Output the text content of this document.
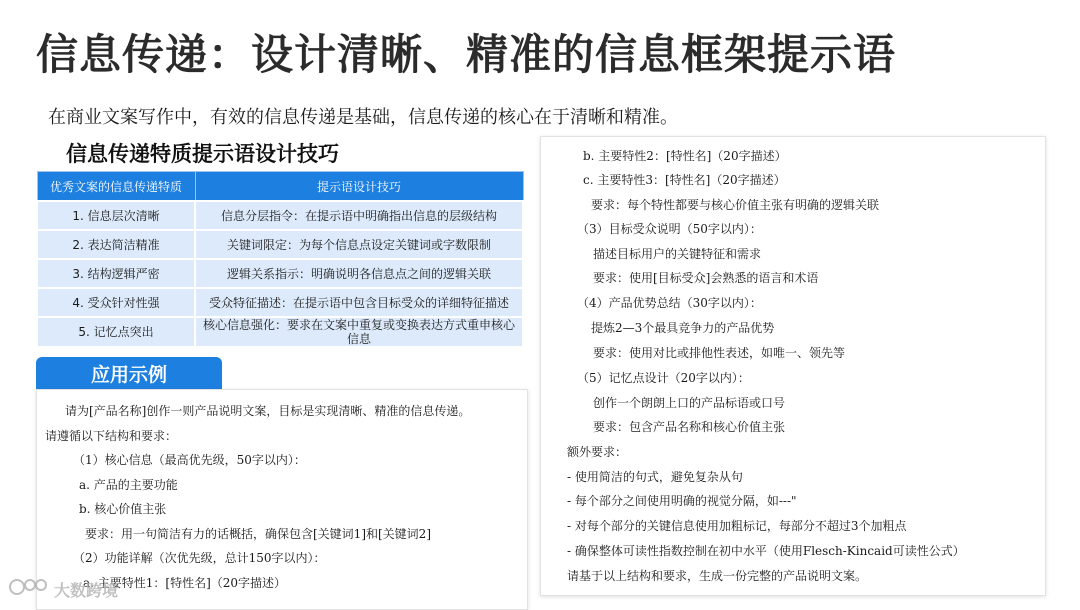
信息传递：设计清晰、精准的信息框架提示语
在商业文案写作中，有效的信息传递是基础，信息传递的核心在于清晰和精准。
信息传递特质提示语设计技巧
优秀文案的信息传递特质	提示语设计技巧
1. 信息层次清晰	信息分层指令：在提示语中明确指出信息的层级结构
2. 表达简洁精准	关键词限定：为每个信息点设定关键词或字数限制
3. 结构逻辑严密	逻辑关系指示：明确说明各信息点之间的逻辑关联
4. 受众针对性强	受众特征描述：在提示语中包含目标受众的详细特征描述
5. 记忆点突出	核心信息强化：要求在文案中重复或变换表达方式重申核心信息
应用示例
请为[产品名称]创作一则产品说明文案，目标是实现清晰、精准的信息传递。
请遵循以下结构和要求：
（1）核心信息（最高优先级，50字以内）：
a. 产品的主要功能
b. 核心价值主张
要求：用一句简洁有力的话概括，确保包含[关键词1]和[关键词2]
（2）功能详解（次优先级，总计150字以内）：
a. 主要特性1：[特性名]（20字描述）
b. 主要特性2：[特性名]（20字描述）
c. 主要特性3：[特性名]（20字描述）
要求：每个特性都要与核心价值主张有明确的逻辑关联
（3）目标受众说明（50字以内）：
描述目标用户的关键特征和需求
要求：使用[目标受众]会熟悉的语言和术语
（4）产品优势总结（30字以内）：
提炼2—3个最具竞争力的产品优势
要求：使用对比或排他性表述，如唯一、领先等
（5）记忆点设计（20字以内）：
创作一个朗朗上口的产品标语或口号
要求：包含产品名称和核心价值主张
额外要求：
- 使用简洁的句式，避免复杂从句
- 每个部分之间使用明确的视觉分隔，如---"
- 对每个部分的关键信息使用加粗标记，每部分不超过3个加粗点
- 确保整体可读性指数控制在初中水平（使用Flesch-Kincaid可读性公式）
请基于以上结构和要求，生成一份完整的产品说明文案。
大数跨境
